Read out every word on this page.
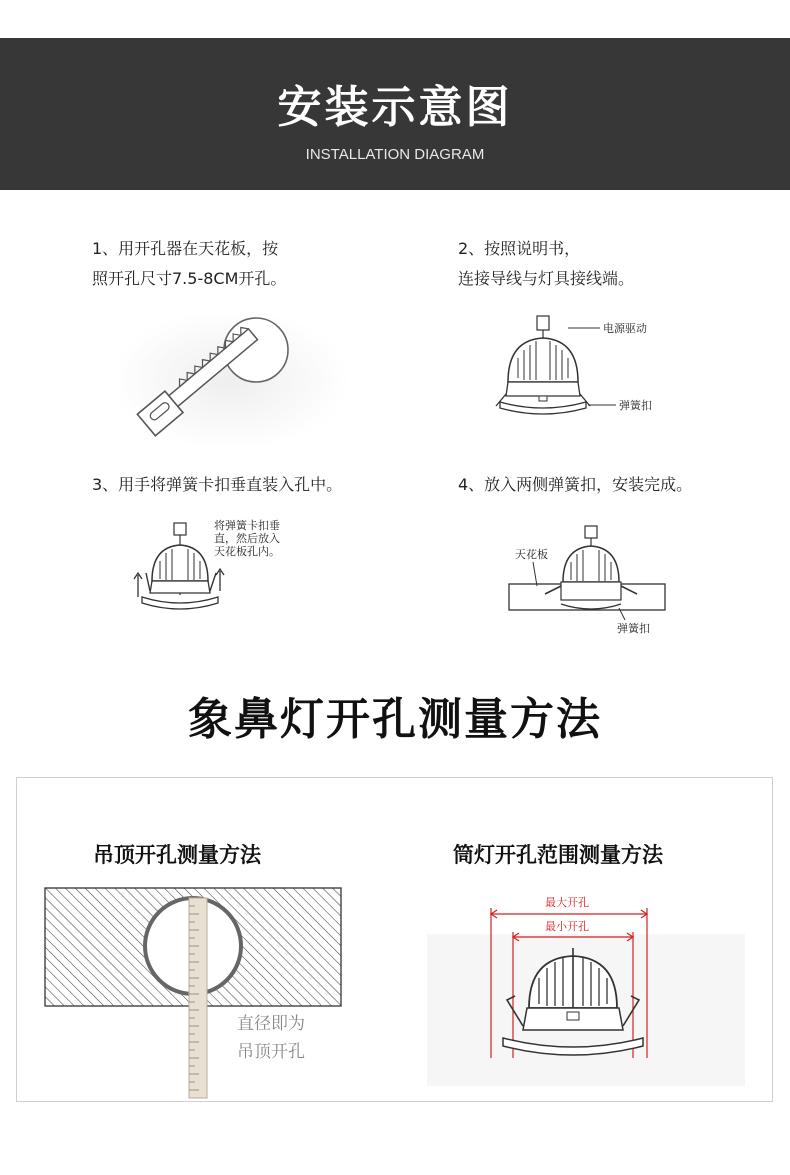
安装示意图
INSTALLATION DIAGRAM
1、用开孔器在天花板，按
照开孔尺寸7.5-8CM开孔。
2、按照说明书，
连接导线与灯具接线端。
电源驱动
弹簧扣
3、用手将弹簧卡扣垂直装入孔中。
将弹簧卡扣垂
直，然后放入
天花板孔内。
4、放入两侧弹簧扣，安装完成。
天花板
弹簧扣
象鼻灯开孔测量方法
吊顶开孔测量方法	筒灯开孔范围测量方法
直径即为
吊顶开孔
最大开孔
最小开孔
